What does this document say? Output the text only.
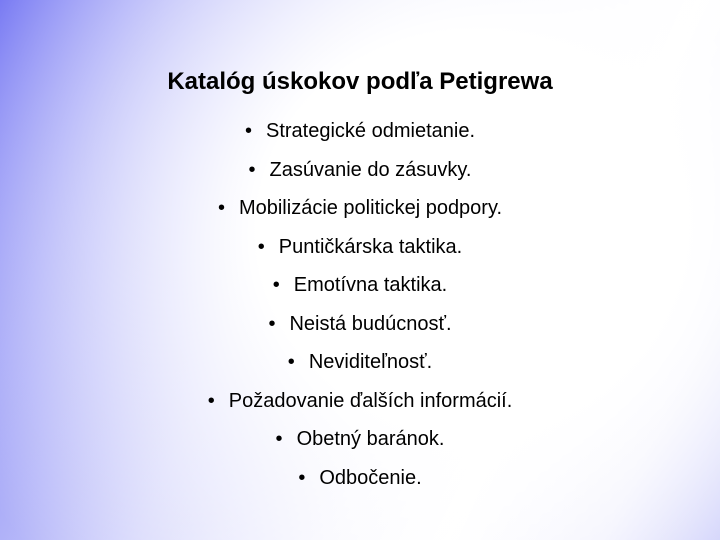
Katalóg úskokov podľa Petigrewa
• Strategické odmietanie.
• Zasúvanie do zásuvky.
• Mobilizácie politickej podpory.
• Puntičkárska taktika.
• Emotívna taktika.
• Neistá budúcnosť.
• Neviditeľnosť.
• Požadovanie ďalších informácií.
• Obetný baránok.
• Odbočenie.
